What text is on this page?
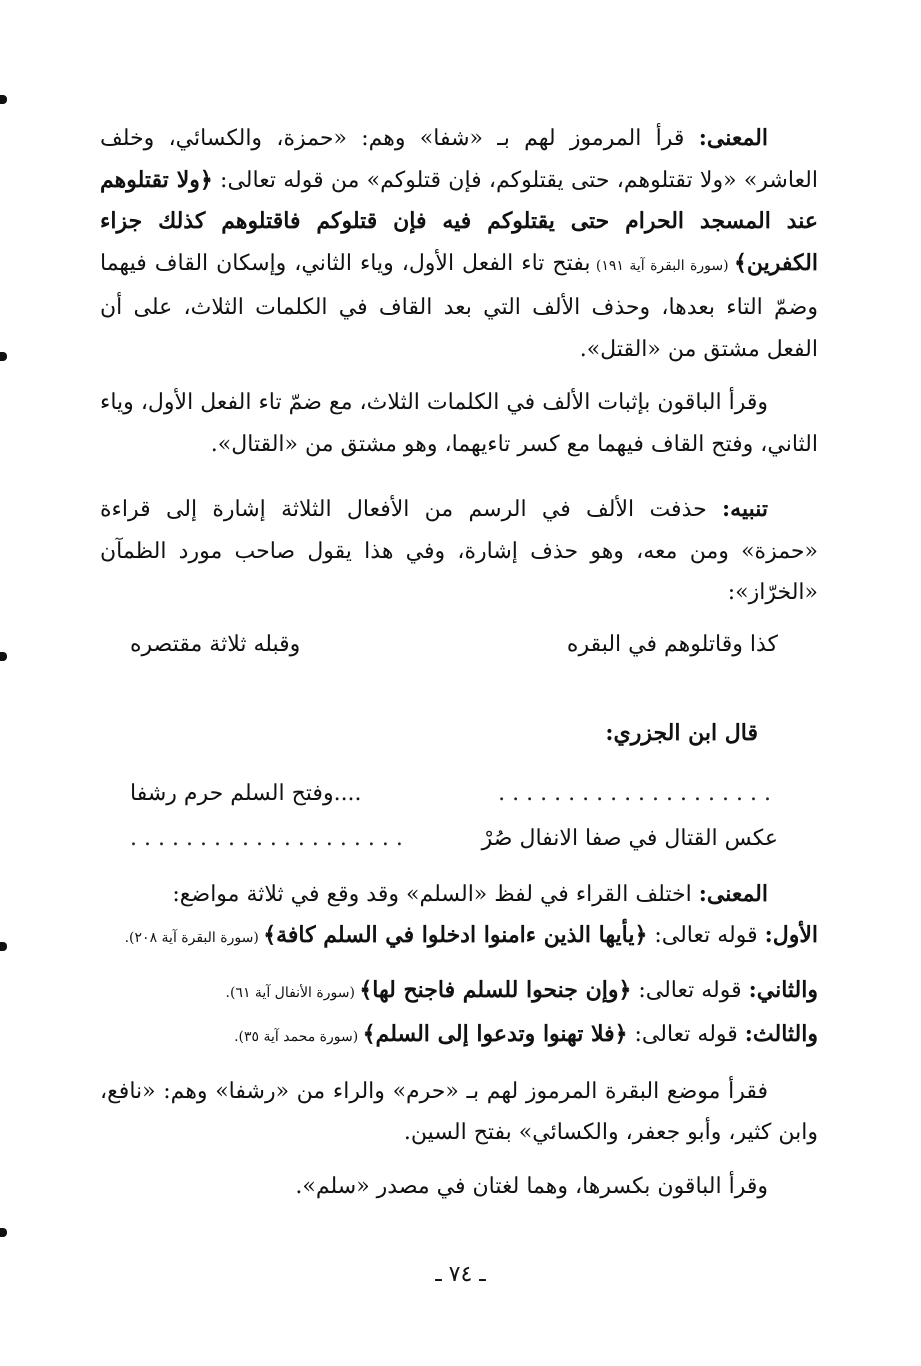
المعنى: قرأ المرموز لهم بـ «شفا» وهم: «حمزة، والكسائي، وخلف العاشر» «ولا تقتلوهم، حتى يقتلوكم، فإن قتلوكم» من قوله تعالى: ﴿ولا تقتلوهم عند المسجد الحرام حتى يقتلوكم فيه فإن قتلوكم فاقتلوهم كذلك جزاء الكفرين﴾ (سورة البقرة آية ١٩١) بفتح تاء الفعل الأول، وياء الثاني، وإسكان القاف فيهما وضمّ التاء بعدها، وحذف الألف التي بعد القاف في الكلمات الثلاث، على أن الفعل مشتق من «القتل».

وقرأ الباقون بإثبات الألف في الكلمات الثلاث، مع ضمّ تاء الفعل الأول، وياء الثاني، وفتح القاف فيهما مع كسر تاءيهما، وهو مشتق من «القتال».

تنبيه: حذفت الألف في الرسم من الأفعال الثلاثة إشارة إلى قراءة «حمزة» ومن معه، وهو حذف إشارة، وفي هذا يقول صاحب مورد الظمآن «الخرّاز»:

كذا وقاتلوهم في البقره
وقبله ثلاثة مقتصره

قال ابن الجزري:

....................
....وفتح السلم حرم رشفا
عكس القتال في صفا الانفال صُرْ
....................

المعنى: اختلف القراء في لفظ «السلم» وقد وقع في ثلاثة مواضع:

الأول: قوله تعالى: ﴿يأيها الذين ءامنوا ادخلوا في السلم كافة﴾ (سورة البقرة آية ٢٠٨).

والثاني: قوله تعالى: ﴿وإن جنحوا للسلم فاجنح لها﴾ (سورة الأنفال آية ٦١).

والثالث: قوله تعالى: ﴿فلا تهنوا وتدعوا إلى السلم﴾ (سورة محمد آية ٣٥).

فقرأ موضع البقرة المرموز لهم بـ «حرم» والراء من «رشفا» وهم: «نافع، وابن كثير، وأبو جعفر، والكسائي» بفتح السين.

وقرأ الباقون بكسرها، وهما لغتان في مصدر «سلم».

ـ ٧٤ ـ
